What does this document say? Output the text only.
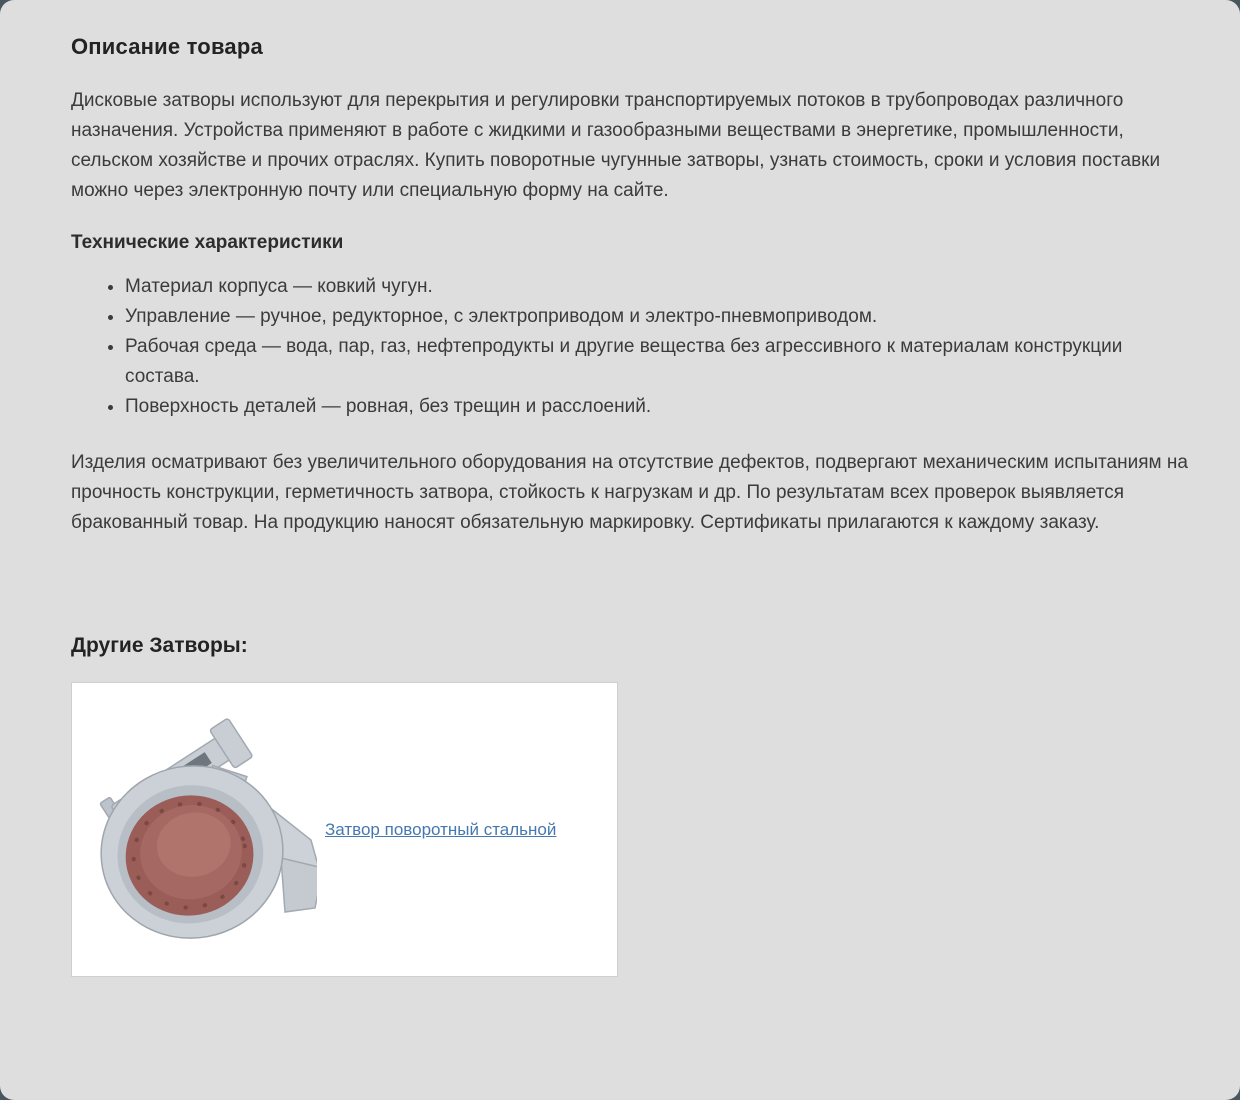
Описание товара

Дисковые затворы используют для перекрытия и регулировки транспортируемых потоков в трубопроводах различного назначения. Устройства применяют в работе с жидкими и газообразными веществами в энергетике, промышленности, сельском хозяйстве и прочих отраслях. Купить поворотные чугунные затворы, узнать стоимость, сроки и условия поставки можно через электронную почту или специальную форму на сайте.

Технические характеристики
• Материал корпуса — ковкий чугун.
• Управление — ручное, редукторное, с электроприводом и электро-пневмоприводом.
• Рабочая среда — вода, пар, газ, нефтепродукты и другие вещества без агрессивного к материалам конструкции состава.
• Поверхность деталей — ровная, без трещин и расслоений.

Изделия осматривают без увеличительного оборудования на отсутствие дефектов, подвергают механическим испытаниям на прочность конструкции, герметичность затвора, стойкость к нагрузкам и др. По результатам всех проверок выявляется бракованный товар. На продукцию наносят обязательную маркировку. Сертификаты прилагаются к каждому заказу.

Другие Затворы:
Затвор поворотный стальной
